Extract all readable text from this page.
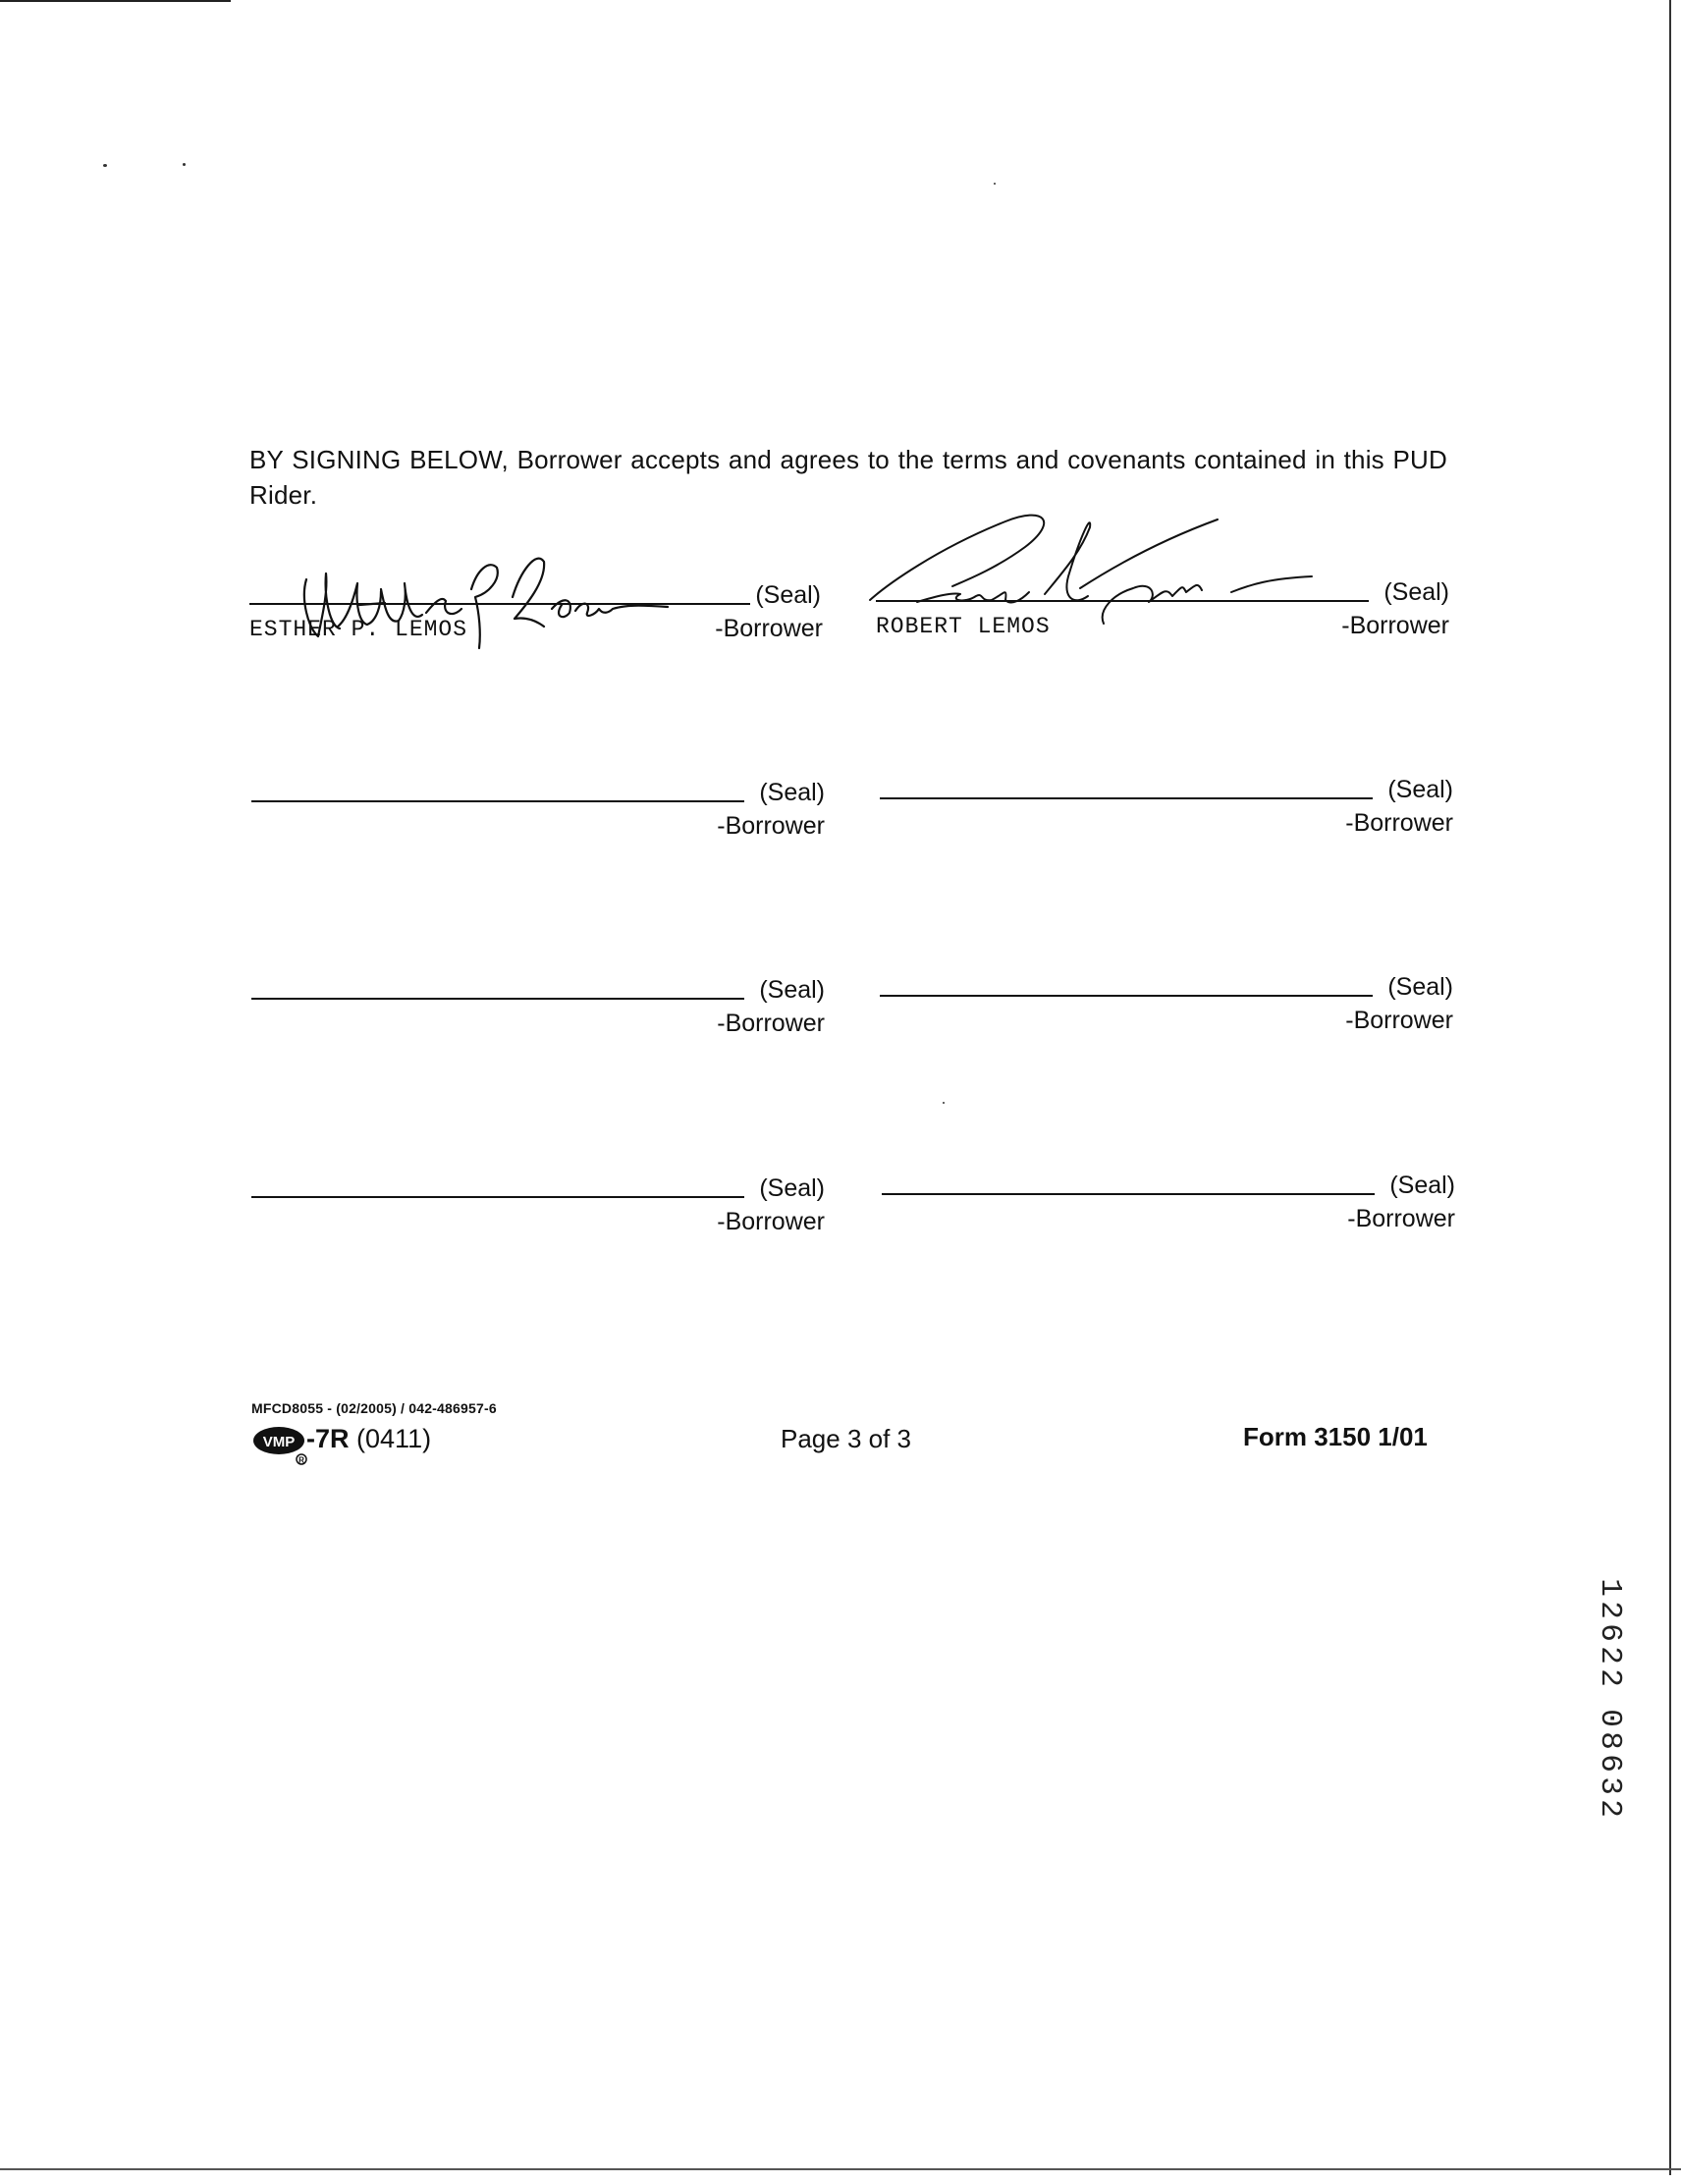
BY SIGNING BELOW, Borrower accepts and agrees to the terms and covenants contained in this PUD Rider.
(Seal)
ESTHER P. LEMOS	-Borrower
(Seal)
ROBERT LEMOS	-Borrower
(Seal)
-Borrower
(Seal)
-Borrower
(Seal)
-Borrower
(Seal)
-Borrower
(Seal)
-Borrower
(Seal)
-Borrower
MFCD8055 - (02/2005) / 042-486957-6
VMP
R
-7R (0411)	Page 3 of 3	Form 3150 1/01
1
2
6
2
2
0
8
6
3
2
